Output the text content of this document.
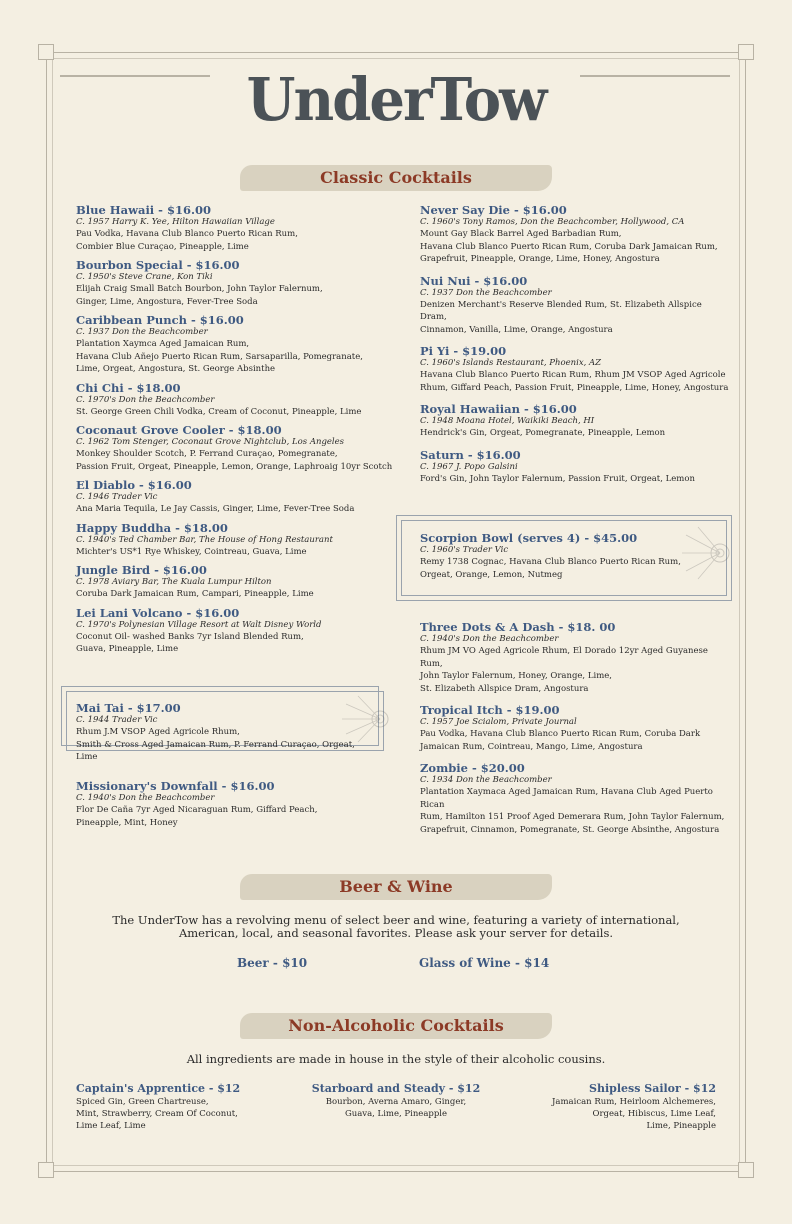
UnderTow
Classic Cocktails
Blue Hawaii - $16.00
C. 1957 Harry K. Yee, Hilton Hawaiian Village
Pau Vodka, Havana Club Blanco Puerto Rican Rum,
Combier Blue Curaçao, Pineapple, Lime
Bourbon Special - $16.00
C. 1950's Steve Crane, Kon Tiki
Elijah Craig Small Batch Bourbon, John Taylor Falernum,
Ginger, Lime, Angostura, Fever-Tree Soda
Caribbean Punch - $16.00
C. 1937 Don the Beachcomber
Plantation Xaymca Aged Jamaican Rum,
Havana Club Añejo Puerto Rican Rum, Sarsaparilla, Pomegranate,
Lime, Orgeat, Angostura, St. George Absinthe
Chi Chi - $18.00
C. 1970's Don the Beachcomber
St. George Green Chili Vodka, Cream of Coconut, Pineapple, Lime
Coconaut Grove Cooler - $18.00
C. 1962 Tom Stenger, Coconaut Grove Nightclub, Los Angeles
Monkey Shoulder Scotch, P. Ferrand Curaçao, Pomegranate,
Passion Fruit, Orgeat, Pineapple, Lemon, Orange, Laphroaig 10yr Scotch
El Diablo - $16.00
C. 1946 Trader Vic
Ana Maria Tequila, Le Jay Cassis, Ginger, Lime, Fever-Tree Soda
Happy Buddha - $18.00
C. 1940's Ted Chamber Bar, The House of Hong Restaurant
Michter's US*1 Rye Whiskey, Cointreau, Guava, Lime
Jungle Bird - $16.00
C. 1978 Aviary Bar, The Kuala Lumpur Hilton
Coruba Dark Jamaican Rum, Campari, Pineapple, Lime
Lei Lani Volcano - $16.00
C. 1970's Polynesian Village Resort at Walt Disney World
Coconut Oil- washed Banks 7yr Island Blended Rum,
Guava, Pineapple, Lime
Mai Tai - $17.00
C. 1944 Trader Vic
Rhum J.M VSOP Aged Agricole Rhum,
Smith & Cross Aged Jamaican Rum, P. Ferrand Curaçao, Orgeat, Lime
Missionary's Downfall - $16.00
C. 1940's Don the Beachcomber
Flor De Caña 7yr Aged Nicaraguan Rum, Giffard Peach,
Pineapple, Mint, Honey
Never Say Die - $16.00
C. 1960's Tony Ramos, Don the Beachcomber, Hollywood, CA
Mount Gay Black Barrel Aged Barbadian Rum,
Havana Club Blanco Puerto Rican Rum, Coruba Dark Jamaican Rum,
Grapefruit, Pineapple, Orange, Lime, Honey, Angostura
Nui Nui - $16.00
C. 1937 Don the Beachcomber
Denizen Merchant's Reserve Blended Rum, St. Elizabeth Allspice Dram,
Cinnamon, Vanilla, Lime, Orange, Angostura
Pi Yi - $19.00
C. 1960's Islands Restaurant, Phoenix, AZ
Havana Club Blanco Puerto Rican Rum, Rhum JM VSOP Aged Agricole
Rhum, Giffard Peach, Passion Fruit, Pineapple, Lime, Honey, Angostura
Royal Hawaiian - $16.00
C. 1948 Moana Hotel, Waikiki Beach, HI
Hendrick's Gin, Orgeat, Pomegranate, Pineapple, Lemon
Saturn - $16.00
C. 1967 J. Popo Galsini
Ford's Gin, John Taylor Falernum, Passion Fruit, Orgeat, Lemon
Scorpion Bowl (serves 4) - $45.00
C. 1960's Trader Vic
Remy 1738 Cognac, Havana Club Blanco Puerto Rican Rum,
Orgeat, Orange, Lemon, Nutmeg
Three Dots & A Dash - $18. 00
C. 1940's Don the Beachcomber
Rhum JM VO Aged Agricole Rhum, El Dorado 12yr Aged Guyanese Rum,
John Taylor Falernum, Honey, Orange, Lime,
St. Elizabeth Allspice Dram, Angostura
Tropical Itch - $19.00
C. 1957 Joe Scialom, Private Journal
Pau Vodka, Havana Club Blanco Puerto Rican Rum, Coruba Dark
Jamaican Rum, Cointreau, Mango, Lime, Angostura
Zombie - $20.00
C. 1934 Don the Beachcomber
Plantation Xaymaca Aged Jamaican Rum, Havana Club Aged Puerto Rican
Rum, Hamilton 151 Proof Aged Demerara Rum, John Taylor Falernum,
Grapefruit, Cinnamon, Pomegranate, St. George Absinthe, Angostura
Beer & Wine
The UnderTow has a revolving menu of select beer and wine, featuring a variety of international,
American, local, and seasonal favorites. Please ask your server for details.
Beer - $10	Glass of Wine - $14
Non-Alcoholic Cocktails
All ingredients are made in house in the style of their alcoholic cousins.
Captain's Apprentice - $12
Spiced Gin, Green Chartreuse,
Mint, Strawberry, Cream Of Coconut,
Lime Leaf, Lime
Starboard and Steady - $12
Bourbon, Averna Amaro, Ginger,
Guava, Lime, Pineapple
Shipless Sailor - $12
Jamaican Rum, Heirloom Alchemeres,
Orgeat, Hibiscus, Lime Leaf,
Lime, Pineapple
